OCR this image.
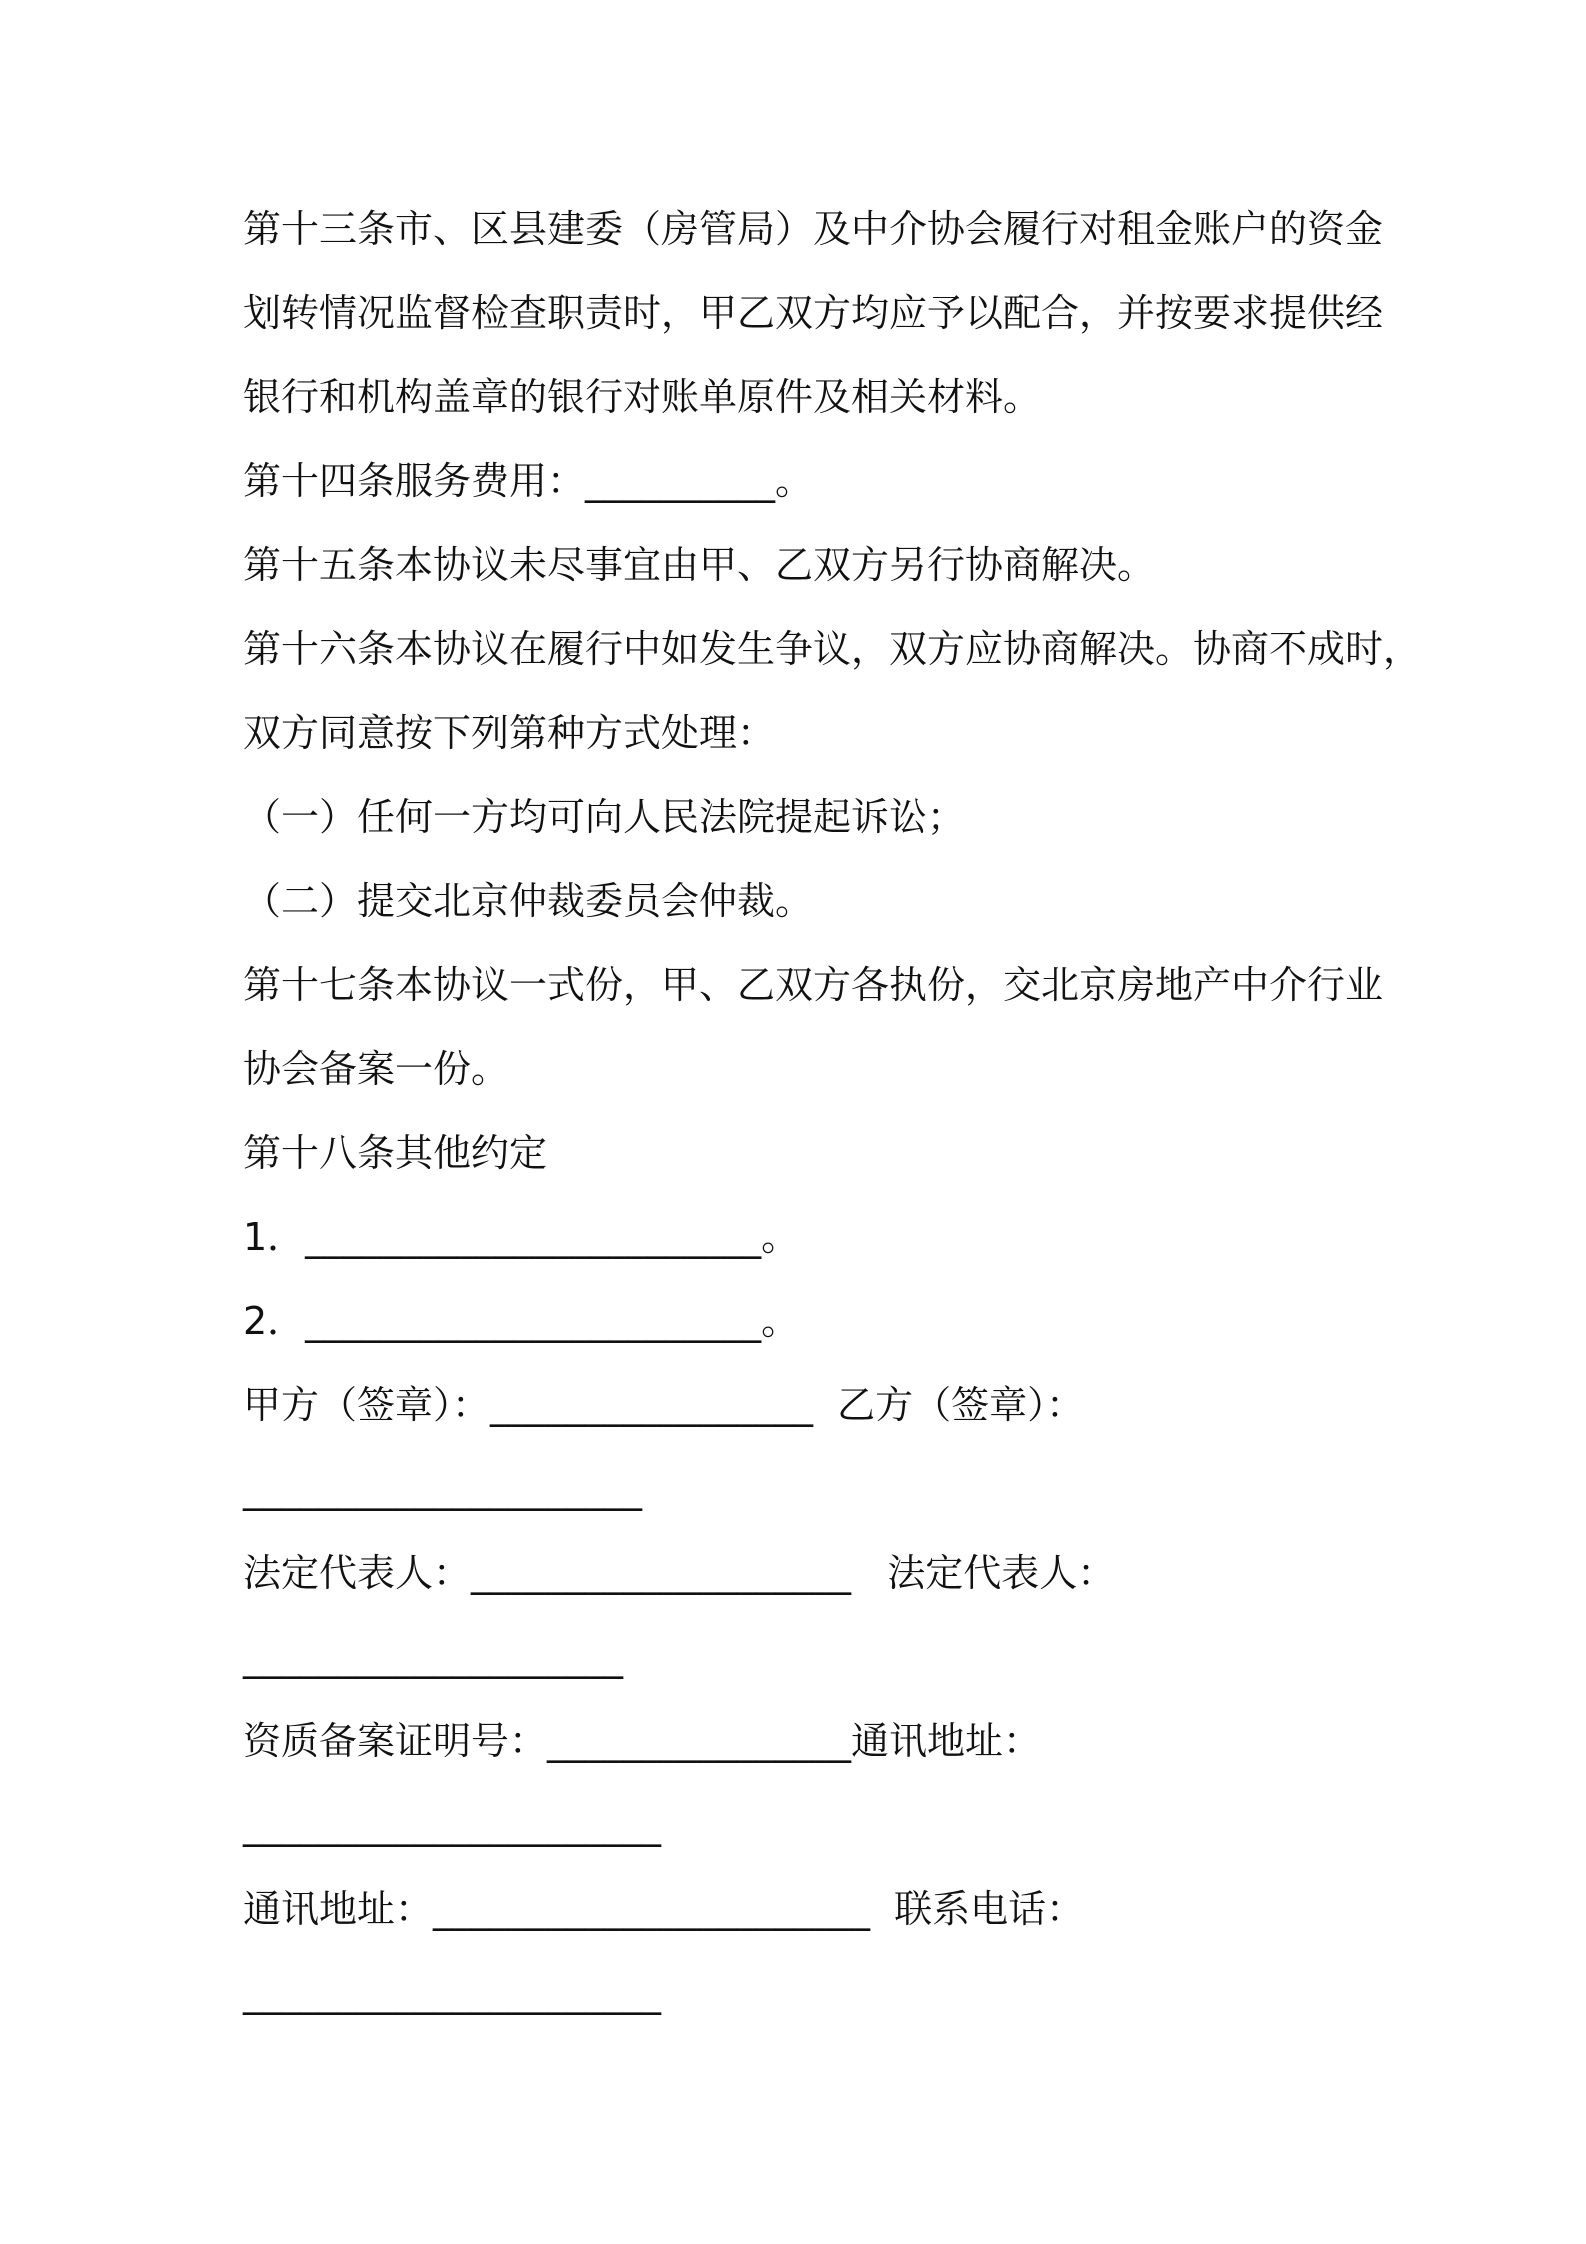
第十三条市、区县建委（房管局）及中介协会履行对租金账户的资金
划转情况监督检查职责时，甲乙双方均应予以配合，并按要求提供经
银行和机构盖章的银行对账单原件及相关材料。
第十四条服务费用：__________。
第十五条本协议未尽事宜由甲、乙双方另行协商解决。
第十六条本协议在履行中如发生争议，双方应协商解决。协商不成时，
双方同意按下列第种方式处理：
（一）任何一方均可向人民法院提起诉讼；
（二）提交北京仲裁委员会仲裁。
第十七条本协议一式份，甲、乙双方各执份，交北京房地产中介行业
协会备案一份。
第十八条其他约定
1．________________________。
2．________________________。
甲方（签章）：_________________  乙方（签章）：
_____________________
法定代表人：____________________   法定代表人：
____________________
资质备案证明号：________________通讯地址：
______________________
通讯地址：_______________________  联系电话：
______________________
